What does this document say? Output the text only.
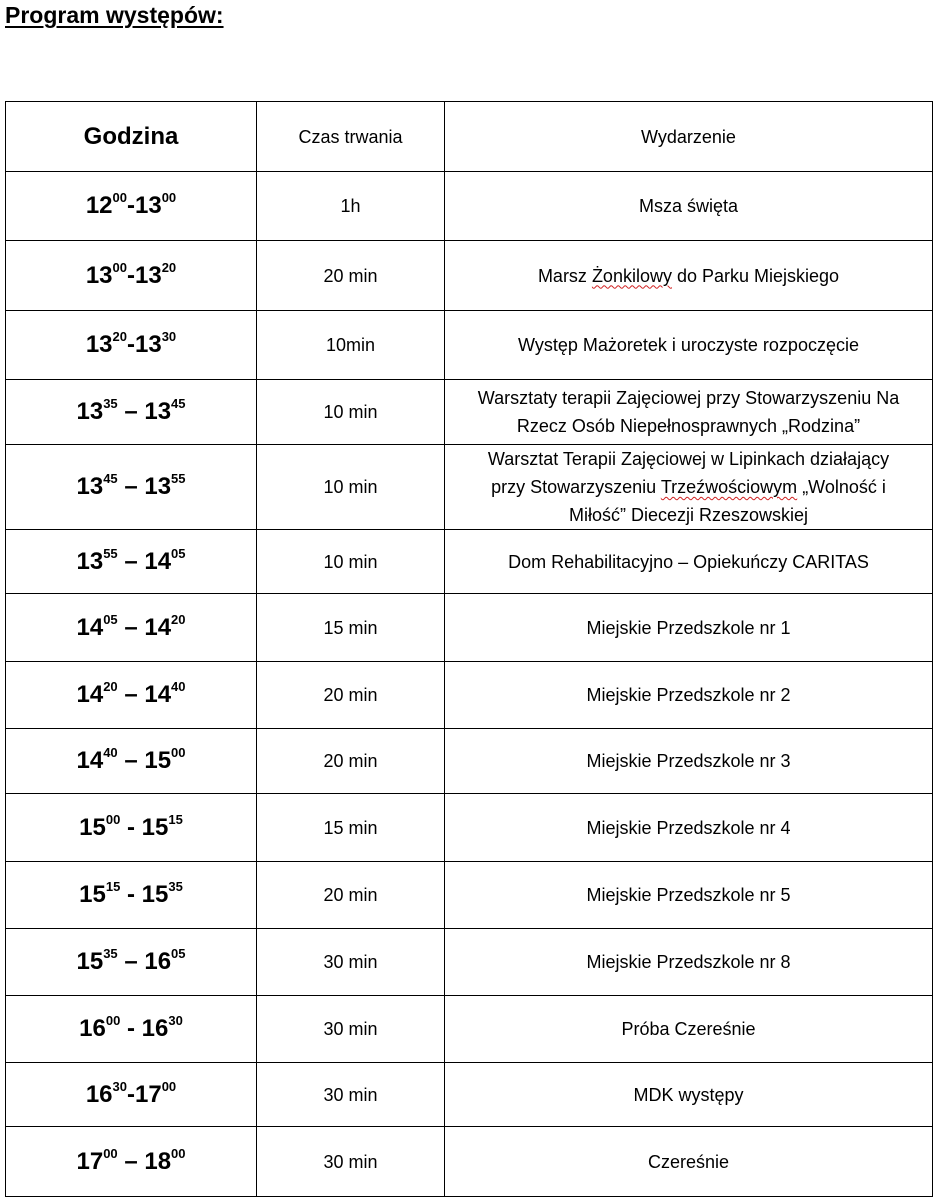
Program występów:
Godzina	Czas trwania	Wydarzenie
$12^{00}-13^{00}$	1h	Msza święta
$13^{00}-13^{20}$	20 min	Marsz Żonkilowy do Parku Miejskiego
$13^{20}-13^{30}$	10min	Występ Mażoretek i uroczyste rozpoczęcie
$13^{35} - 13^{45}$	10 min	Warsztaty terapii Zajęciowej przy Stowarzyszeniu Na
Rzecz Osób Niepełnosprawnych „Rodzina”
$13^{45} - 13^{55}$	10 min	Warsztat Terapii Zajęciowej w Lipinkach działający
przy Stowarzyszeniu Trzeźwościowym „Wolność i
Miłość” Diecezji Rzeszowskiej
$13^{55} - 14^{05}$	10 min	Dom Rehabilitacyjno – Opiekuńczy CARITAS
$14^{05} - 14^{20}$	15 min	Miejskie Przedszkole nr 1
$14^{20} - 14^{40}$	20 min	Miejskie Przedszkole nr 2
$14^{40} - 15^{00}$	20 min	Miejskie Przedszkole nr 3
$15^{00} - 15^{15}$	15 min	Miejskie Przedszkole nr 4
$15^{15} - 15^{35}$	20 min	Miejskie Przedszkole nr 5
$15^{35} - 16^{05}$	30 min	Miejskie Przedszkole nr 8
$16^{00} - 16^{30}$	30 min	Próba Czereśnie
$16^{30}-17^{00}$	30 min	MDK występy
$17^{00} - 18^{00}$	30 min	Czereśnie
